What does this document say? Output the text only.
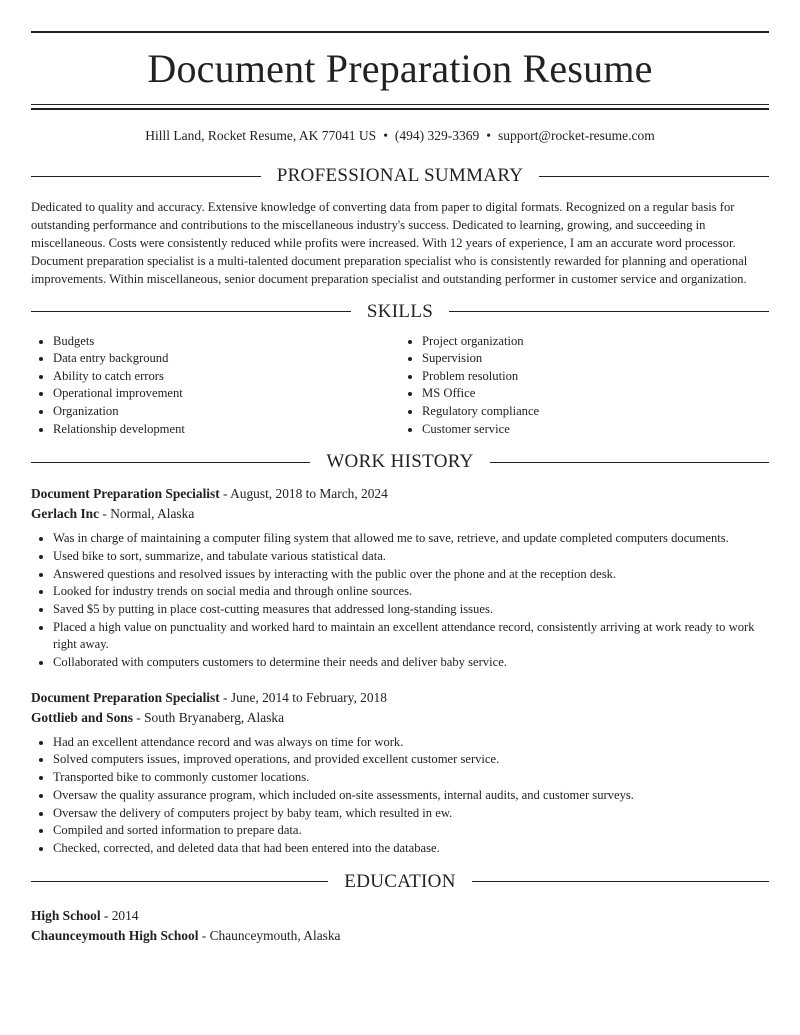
Document Preparation Resume
Hilll Land, Rocket Resume, AK 77041 US • (494) 329-3369 • support@rocket-resume.com
PROFESSIONAL SUMMARY

Dedicated to quality and accuracy. Extensive knowledge of converting data from paper to digital formats. Recognized on a regular basis for outstanding performance and contributions to the miscellaneous industry's success. Dedicated to learning, growing, and succeeding in miscellaneous. Costs were consistently reduced while profits were increased. With 12 years of experience, I am an accurate word processor. Document preparation specialist is a multi-talented document preparation specialist who is consistently rewarded for planning and operational improvements. Within miscellaneous, senior document preparation specialist and outstanding performer in customer service and organization.

SKILLS
• Budgets
• Data entry background
• Ability to catch errors
• Operational improvement
• Organization
• Relationship development
• Project organization
• Supervision
• Problem resolution
• MS Office
• Regulatory compliance
• Customer service
WORK HISTORY
Document Preparation Specialist - August, 2018 to March, 2024
Gerlach Inc - Normal, Alaska
• Was in charge of maintaining a computer filing system that allowed me to save, retrieve, and update completed computers documents.
• Used bike to sort, summarize, and tabulate various statistical data.
• Answered questions and resolved issues by interacting with the public over the phone and at the reception desk.
• Looked for industry trends on social media and through online sources.
• Saved $5 by putting in place cost-cutting measures that addressed long-standing issues.
• Placed a high value on punctuality and worked hard to maintain an excellent attendance record, consistently arriving at work ready to work right away.
• Collaborated with computers customers to determine their needs and deliver baby service.
Document Preparation Specialist - June, 2014 to February, 2018
Gottlieb and Sons - South Bryanaberg, Alaska
• Had an excellent attendance record and was always on time for work.
• Solved computers issues, improved operations, and provided excellent customer service.
• Transported bike to commonly customer locations.
• Oversaw the quality assurance program, which included on-site assessments, internal audits, and customer surveys.
• Oversaw the delivery of computers project by baby team, which resulted in ew.
• Compiled and sorted information to prepare data.
• Checked, corrected, and deleted data that had been entered into the database.
EDUCATION
High School - 2014
Chaunceymouth High School - Chaunceymouth, Alaska
